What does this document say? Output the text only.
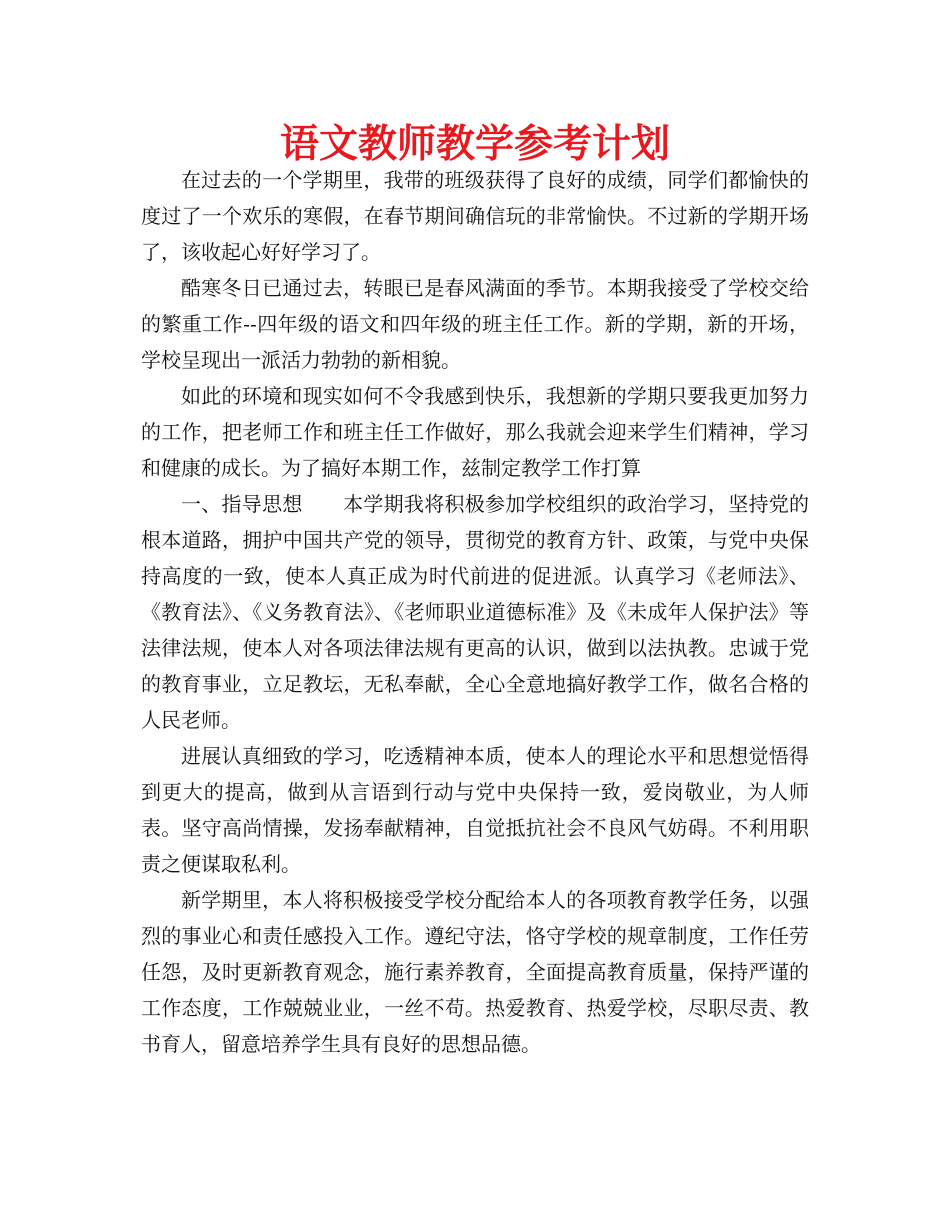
语文教师教学参考计划

在过去的一个学期里，我带的班级获得了良好的成绩，同学们都愉快的度过了一个欢乐的寒假，在春节期间确信玩的非常愉快。不过新的学期开场了，该收起心好好学习了。

酷寒冬日已通过去，转眼已是春风满面的季节。本期我接受了学校交给的繁重工作--四年级的语文和四年级的班主任工作。新的学期，新的开场，学校呈现出一派活力勃勃的新相貌。

如此的环境和现实如何不令我感到快乐，我想新的学期只要我更加努力的工作，把老师工作和班主任工作做好，那么我就会迎来学生们精神，学习和健康的成长。为了搞好本期工作，兹制定教学工作打算

一、指导思想　　本学期我将积极参加学校组织的政治学习，坚持党的根本道路，拥护中国共产党的领导，贯彻党的教育方针、政策，与党中央保持高度的一致，使本人真正成为时代前进的促进派。认真学习《老师法》、《教育法》、《义务教育法》、《老师职业道德标准》及《未成年人保护法》等法律法规，使本人对各项法律法规有更高的认识，做到以法执教。忠诚于党的教育事业，立足教坛，无私奉献，全心全意地搞好教学工作，做名合格的人民老师。

进展认真细致的学习，吃透精神本质，使本人的理论水平和思想觉悟得到更大的提高，做到从言语到行动与党中央保持一致，爱岗敬业，为人师表。坚守高尚情操，发扬奉献精神，自觉抵抗社会不良风气妨碍。不利用职责之便谋取私利。

新学期里，本人将积极接受学校分配给本人的各项教育教学任务，以强烈的事业心和责任感投入工作。遵纪守法，恪守学校的规章制度，工作任劳任怨，及时更新教育观念，施行素养教育，全面提高教育质量，保持严谨的工作态度，工作兢兢业业，一丝不苟。热爱教育、热爱学校，尽职尽责、教书育人，留意培养学生具有良好的思想品德。
